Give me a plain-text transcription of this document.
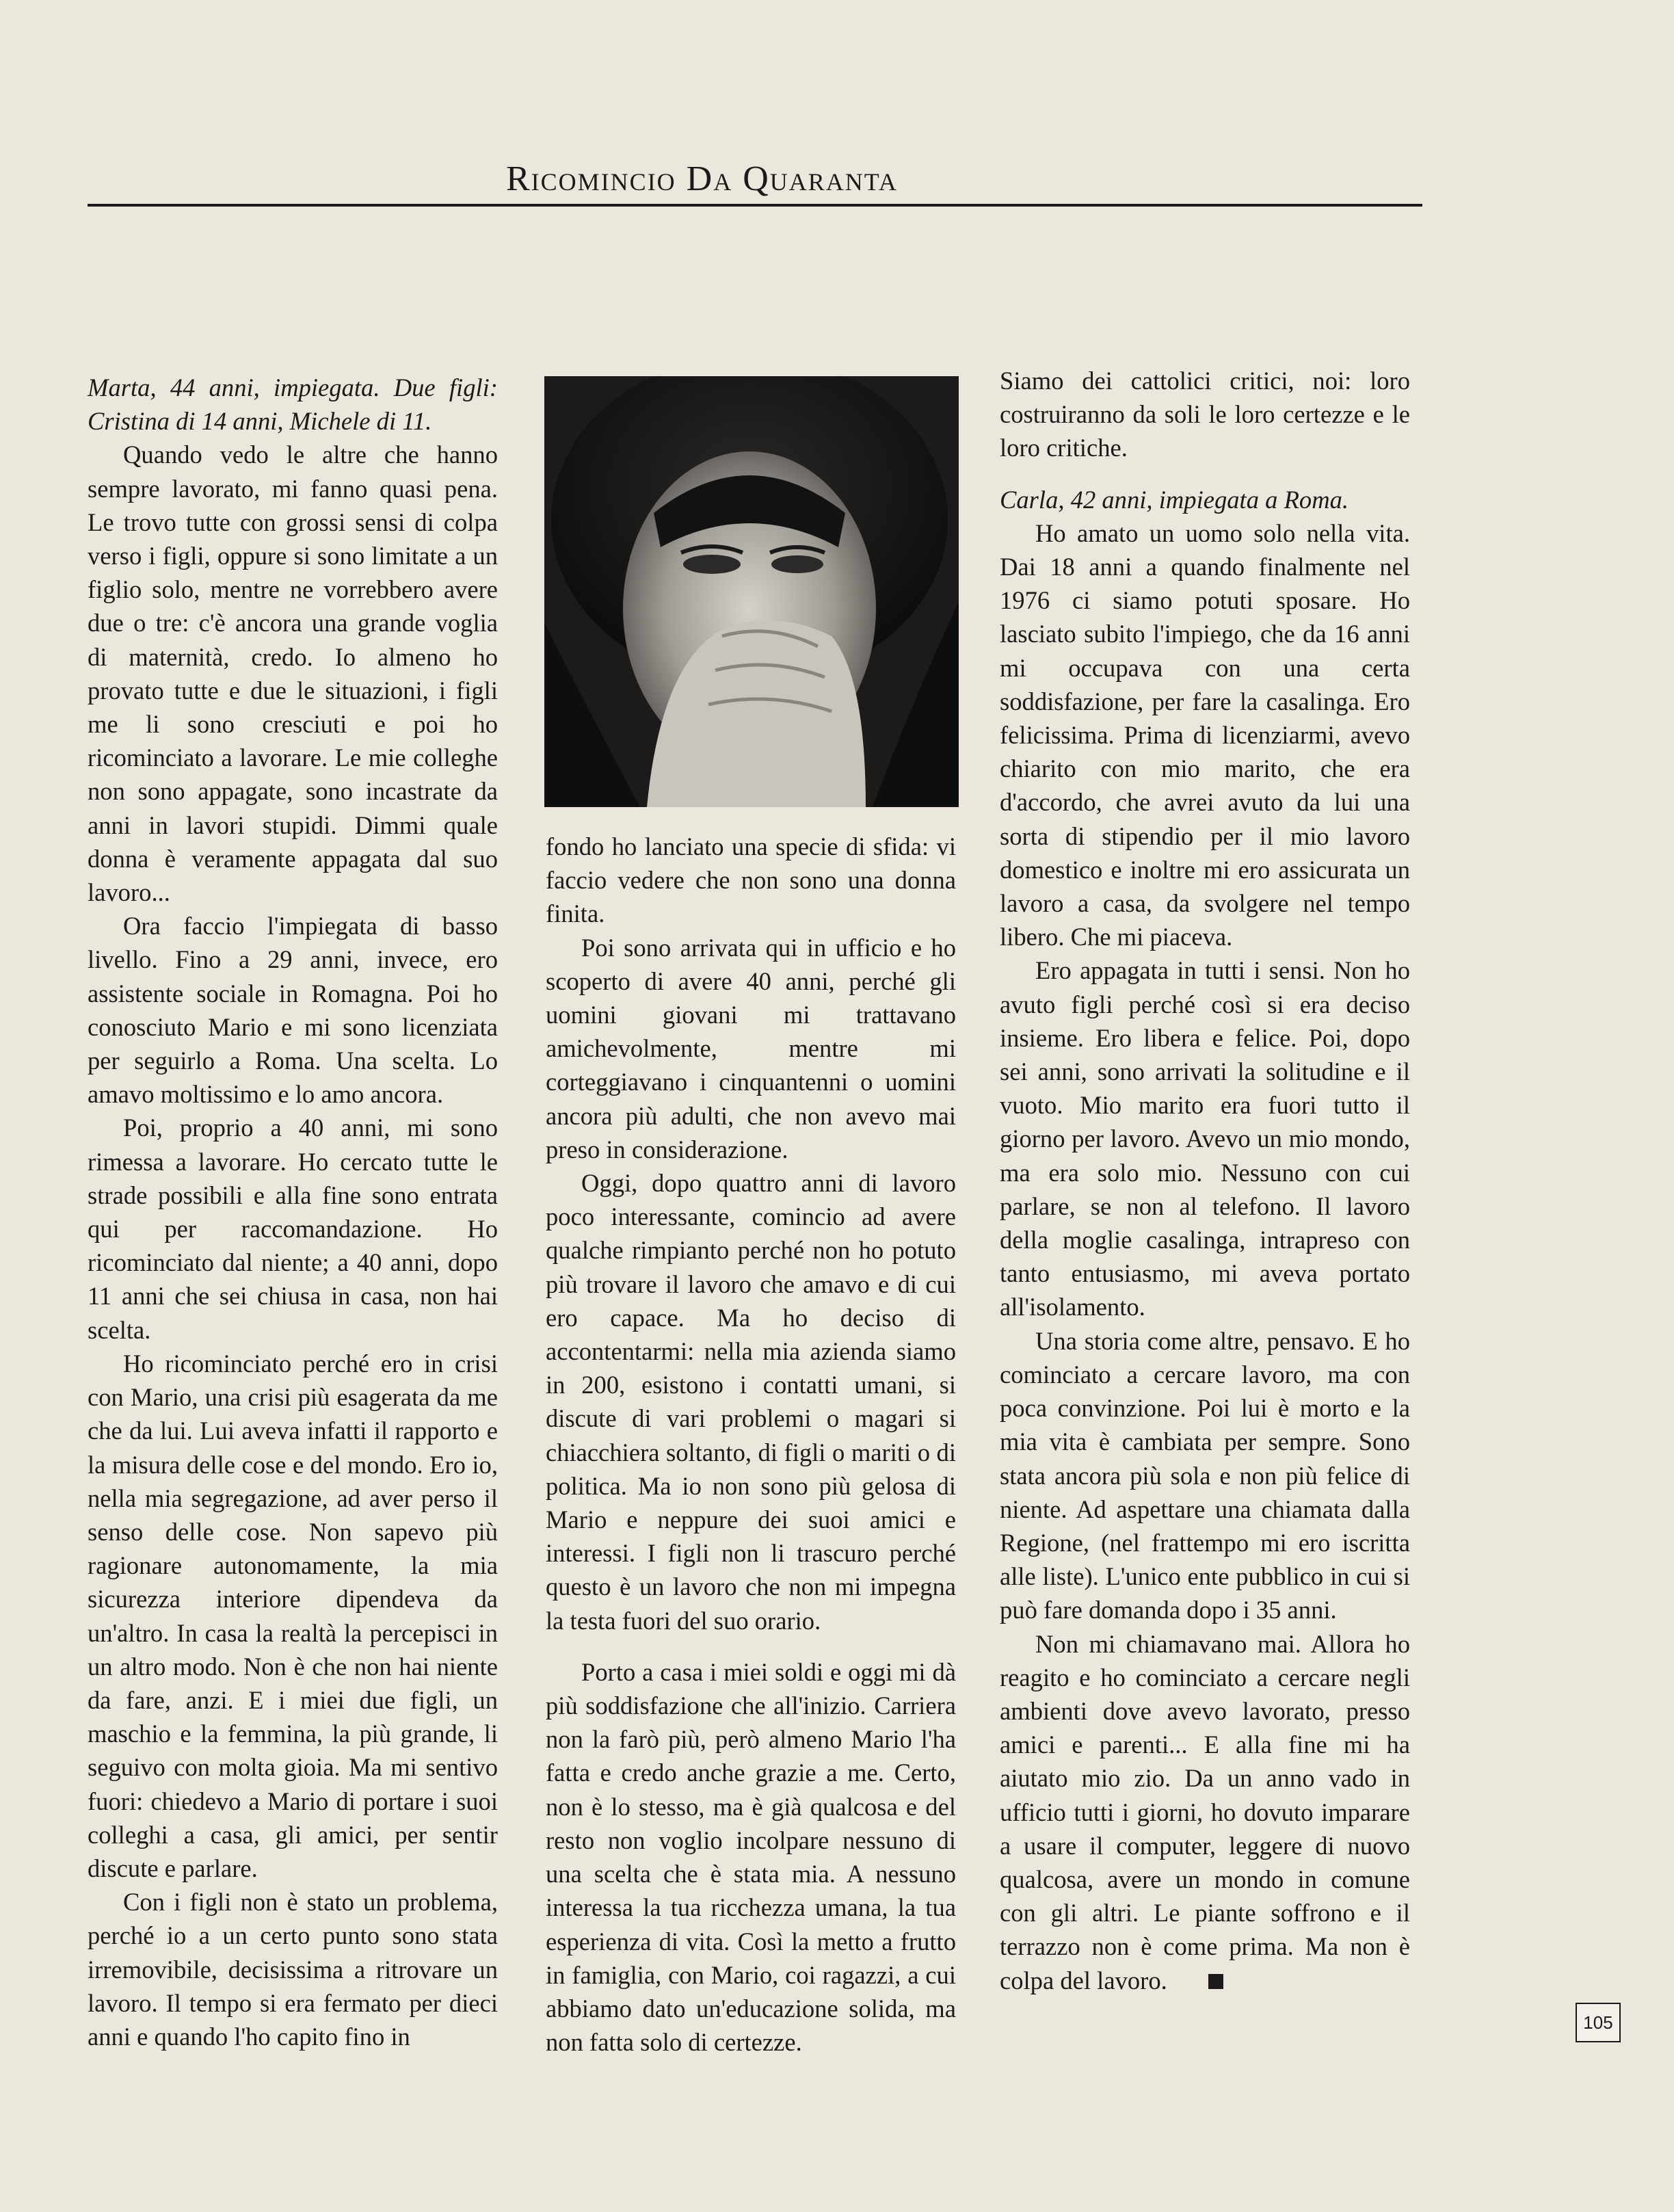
Ricomincio Da Quaranta

Marta, 44 anni, impiegata. Due figli: Cristina di 14 anni, Michele di 11.

Quando vedo le altre che hanno sempre lavorato, mi fanno quasi pena. Le trovo tutte con grossi sensi di colpa verso i figli, oppure si sono limitate a un figlio solo, mentre ne vorrebbero avere due o tre: c'è ancora una grande voglia di maternità, credo. Io almeno ho provato tutte e due le situazioni, i figli me li sono cresciuti e poi ho ricominciato a lavorare. Le mie colleghe non sono appagate, sono incastrate da anni in lavori stupidi. Dimmi quale donna è veramente appagata dal suo lavoro...

Ora faccio l'impiegata di basso livello. Fino a 29 anni, invece, ero assistente sociale in Romagna. Poi ho conosciuto Mario e mi sono licenziata per seguirlo a Roma. Una scelta. Lo amavo moltissimo e lo amo ancora.

Poi, proprio a 40 anni, mi sono rimessa a lavorare. Ho cercato tutte le strade possibili e alla fine sono entrata qui per raccomandazione. Ho ricominciato dal niente; a 40 anni, dopo 11 anni che sei chiusa in casa, non hai scelta.

Ho ricominciato perché ero in crisi con Mario, una crisi più esagerata da me che da lui. Lui aveva infatti il rapporto e la misura delle cose e del mondo. Ero io, nella mia segregazione, ad aver perso il senso delle cose. Non sapevo più ragionare autonomamente, la mia sicurezza interiore dipendeva da un'altro. In casa la realtà la percepisci in un altro modo. Non è che non hai niente da fare, anzi. E i miei due figli, un maschio e la femmina, la più grande, li seguivo con molta gioia. Ma mi sentivo fuori: chiedevo a Mario di portare i suoi colleghi a casa, gli amici, per sentir discute e parlare.

Con i figli non è stato un problema, perché io a un certo punto sono stata irremovibile, decisissima a ritrovare un lavoro. Il tempo si era fermato per dieci anni e quando l'ho capito fino in

fondo ho lanciato una specie di sfida: vi faccio vedere che non sono una donna finita.

Poi sono arrivata qui in ufficio e ho scoperto di avere 40 anni, perché gli uomini giovani mi trattavano amichevolmente, mentre mi corteggiavano i cinquantenni o uomini ancora più adulti, che non avevo mai preso in considerazione.

Oggi, dopo quattro anni di lavoro poco interessante, comincio ad avere qualche rimpianto perché non ho potuto più trovare il lavoro che amavo e di cui ero capace. Ma ho deciso di accontentarmi: nella mia azienda siamo in 200, esistono i contatti umani, si discute di vari problemi o magari si chiacchiera soltanto, di figli o mariti o di politica. Ma io non sono più gelosa di Mario e neppure dei suoi amici e interessi. I figli non li trascuro perché questo è un lavoro che non mi impegna la testa fuori del suo orario.

Porto a casa i miei soldi e oggi mi dà più soddisfazione che all'inizio. Carriera non la farò più, però almeno Mario l'ha fatta e credo anche grazie a me. Certo, non è lo stesso, ma è già qualcosa e del resto non voglio incolpare nessuno di una scelta che è stata mia. A nessuno interessa la tua ricchezza umana, la tua esperienza di vita. Così la metto a frutto in famiglia, con Mario, coi ragazzi, a cui abbiamo dato un'educazione solida, ma non fatta solo di certezze.

Siamo dei cattolici critici, noi: loro costruiranno da soli le loro certezze e le loro critiche.

Carla, 42 anni, impiegata a Roma.

Ho amato un uomo solo nella vita. Dai 18 anni a quando finalmente nel 1976 ci siamo potuti sposare. Ho lasciato subito l'impiego, che da 16 anni mi occupava con una certa soddisfazione, per fare la casalinga. Ero felicissima. Prima di licenziarmi, avevo chiarito con mio marito, che era d'accordo, che avrei avuto da lui una sorta di stipendio per il mio lavoro domestico e inoltre mi ero assicurata un lavoro a casa, da svolgere nel tempo libero. Che mi piaceva.

Ero appagata in tutti i sensi. Non ho avuto figli perché così si era deciso insieme. Ero libera e felice. Poi, dopo sei anni, sono arrivati la solitudine e il vuoto. Mio marito era fuori tutto il giorno per lavoro. Avevo un mio mondo, ma era solo mio. Nessuno con cui parlare, se non al telefono. Il lavoro della moglie casalinga, intrapreso con tanto entusiasmo, mi aveva portato all'isolamento.

Una storia come altre, pensavo. E ho cominciato a cercare lavoro, ma con poca convinzione. Poi lui è morto e la mia vita è cambiata per sempre. Sono stata ancora più sola e non più felice di niente. Ad aspettare una chiamata dalla Regione, (nel frattempo mi ero iscritta alle liste). L'unico ente pubblico in cui si può fare domanda dopo i 35 anni.

Non mi chiamavano mai. Allora ho reagito e ho cominciato a cercare negli ambienti dove avevo lavorato, presso amici e parenti... E alla fine mi ha aiutato mio zio. Da un anno vado in ufficio tutti i giorni, ho dovuto imparare a usare il computer, leggere di nuovo qualcosa, avere un mondo in comune con gli altri. Le piante soffrono e il terrazzo non è come prima. Ma non è colpa del lavoro.

105
